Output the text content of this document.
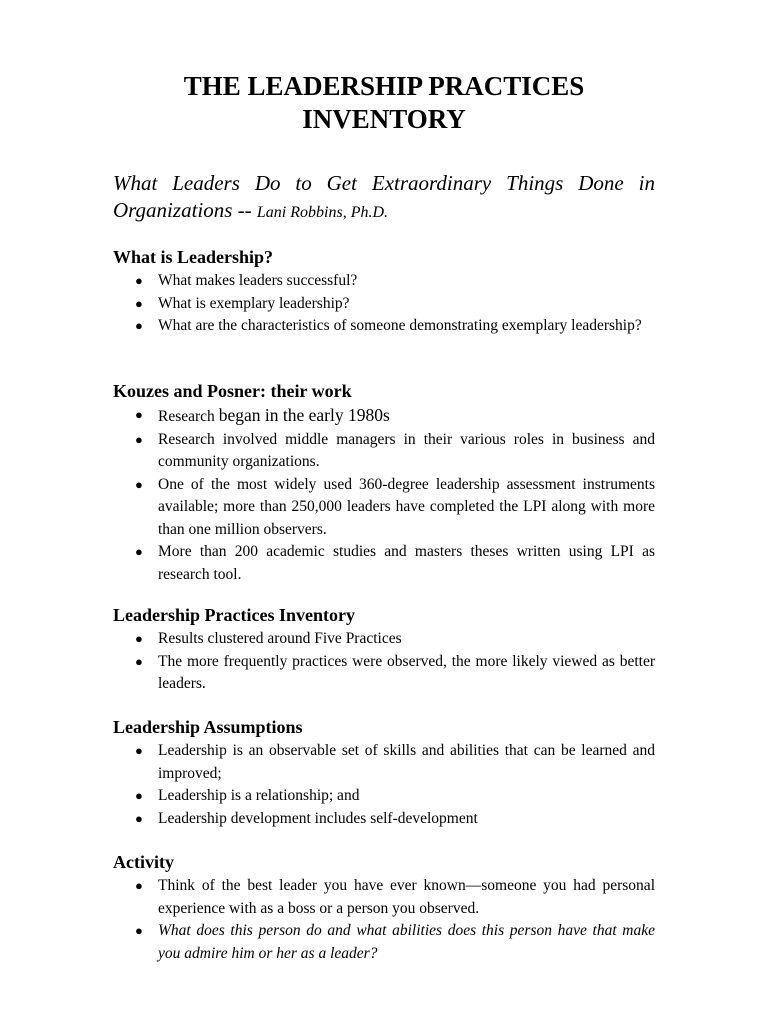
THE LEADERSHIP PRACTICES
INVENTORY
What Leaders Do to Get Extraordinary Things Done in Organizations -- Lani Robbins, Ph.D.
What is Leadership?
● What makes leaders successful?
● What is exemplary leadership?
● What are the characteristics of someone demonstrating exemplary leadership?
Kouzes and Posner: their work
● Research began in the early 1980s
● Research involved middle managers in their various roles in business and community organizations.
● One of the most widely used 360-degree leadership assessment instruments available; more than 250,000 leaders have completed the LPI along with more than one million observers.
● More than 200 academic studies and masters theses written using LPI as research tool.
Leadership Practices Inventory
● Results clustered around Five Practices
● The more frequently practices were observed, the more likely viewed as better leaders.
Leadership Assumptions
● Leadership is an observable set of skills and abilities that can be learned and improved;
● Leadership is a relationship; and
● Leadership development includes self-development
Activity
● Think of the best leader you have ever known—someone you had personal experience with as a boss or a person you observed.
● What does this person do and what abilities does this person have that make you admire him or her as a leader?
